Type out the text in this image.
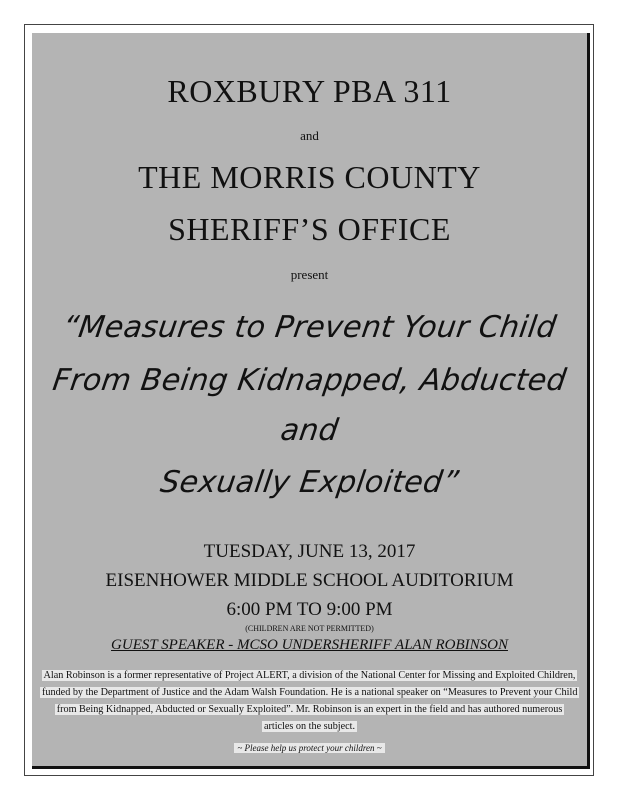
ROXBURY PBA 311
and
THE MORRIS COUNTY
SHERIFF’S OFFICE
present
“Measures to Prevent Your Child
From Being Kidnapped, Abducted
and
Sexually Exploited”
TUESDAY, JUNE 13, 2017
EISENHOWER MIDDLE SCHOOL AUDITORIUM
6:00 PM TO 9:00 PM
(CHILDREN ARE NOT PERMITTED)
GUEST SPEAKER - MCSO UNDERSHERIFF ALAN ROBINSON
Alan Robinson is a former representative of Project ALERT, a division of the National Center for Missing and Exploited Children, funded by the Department of Justice and the Adam Walsh Foundation. He is a national speaker on “Measures to Prevent your Child from Being Kidnapped, Abducted or Sexually Exploited”. Mr. Robinson is an expert in the field and has authored numerous articles on the subject.
~ Please help us protect your children ~
